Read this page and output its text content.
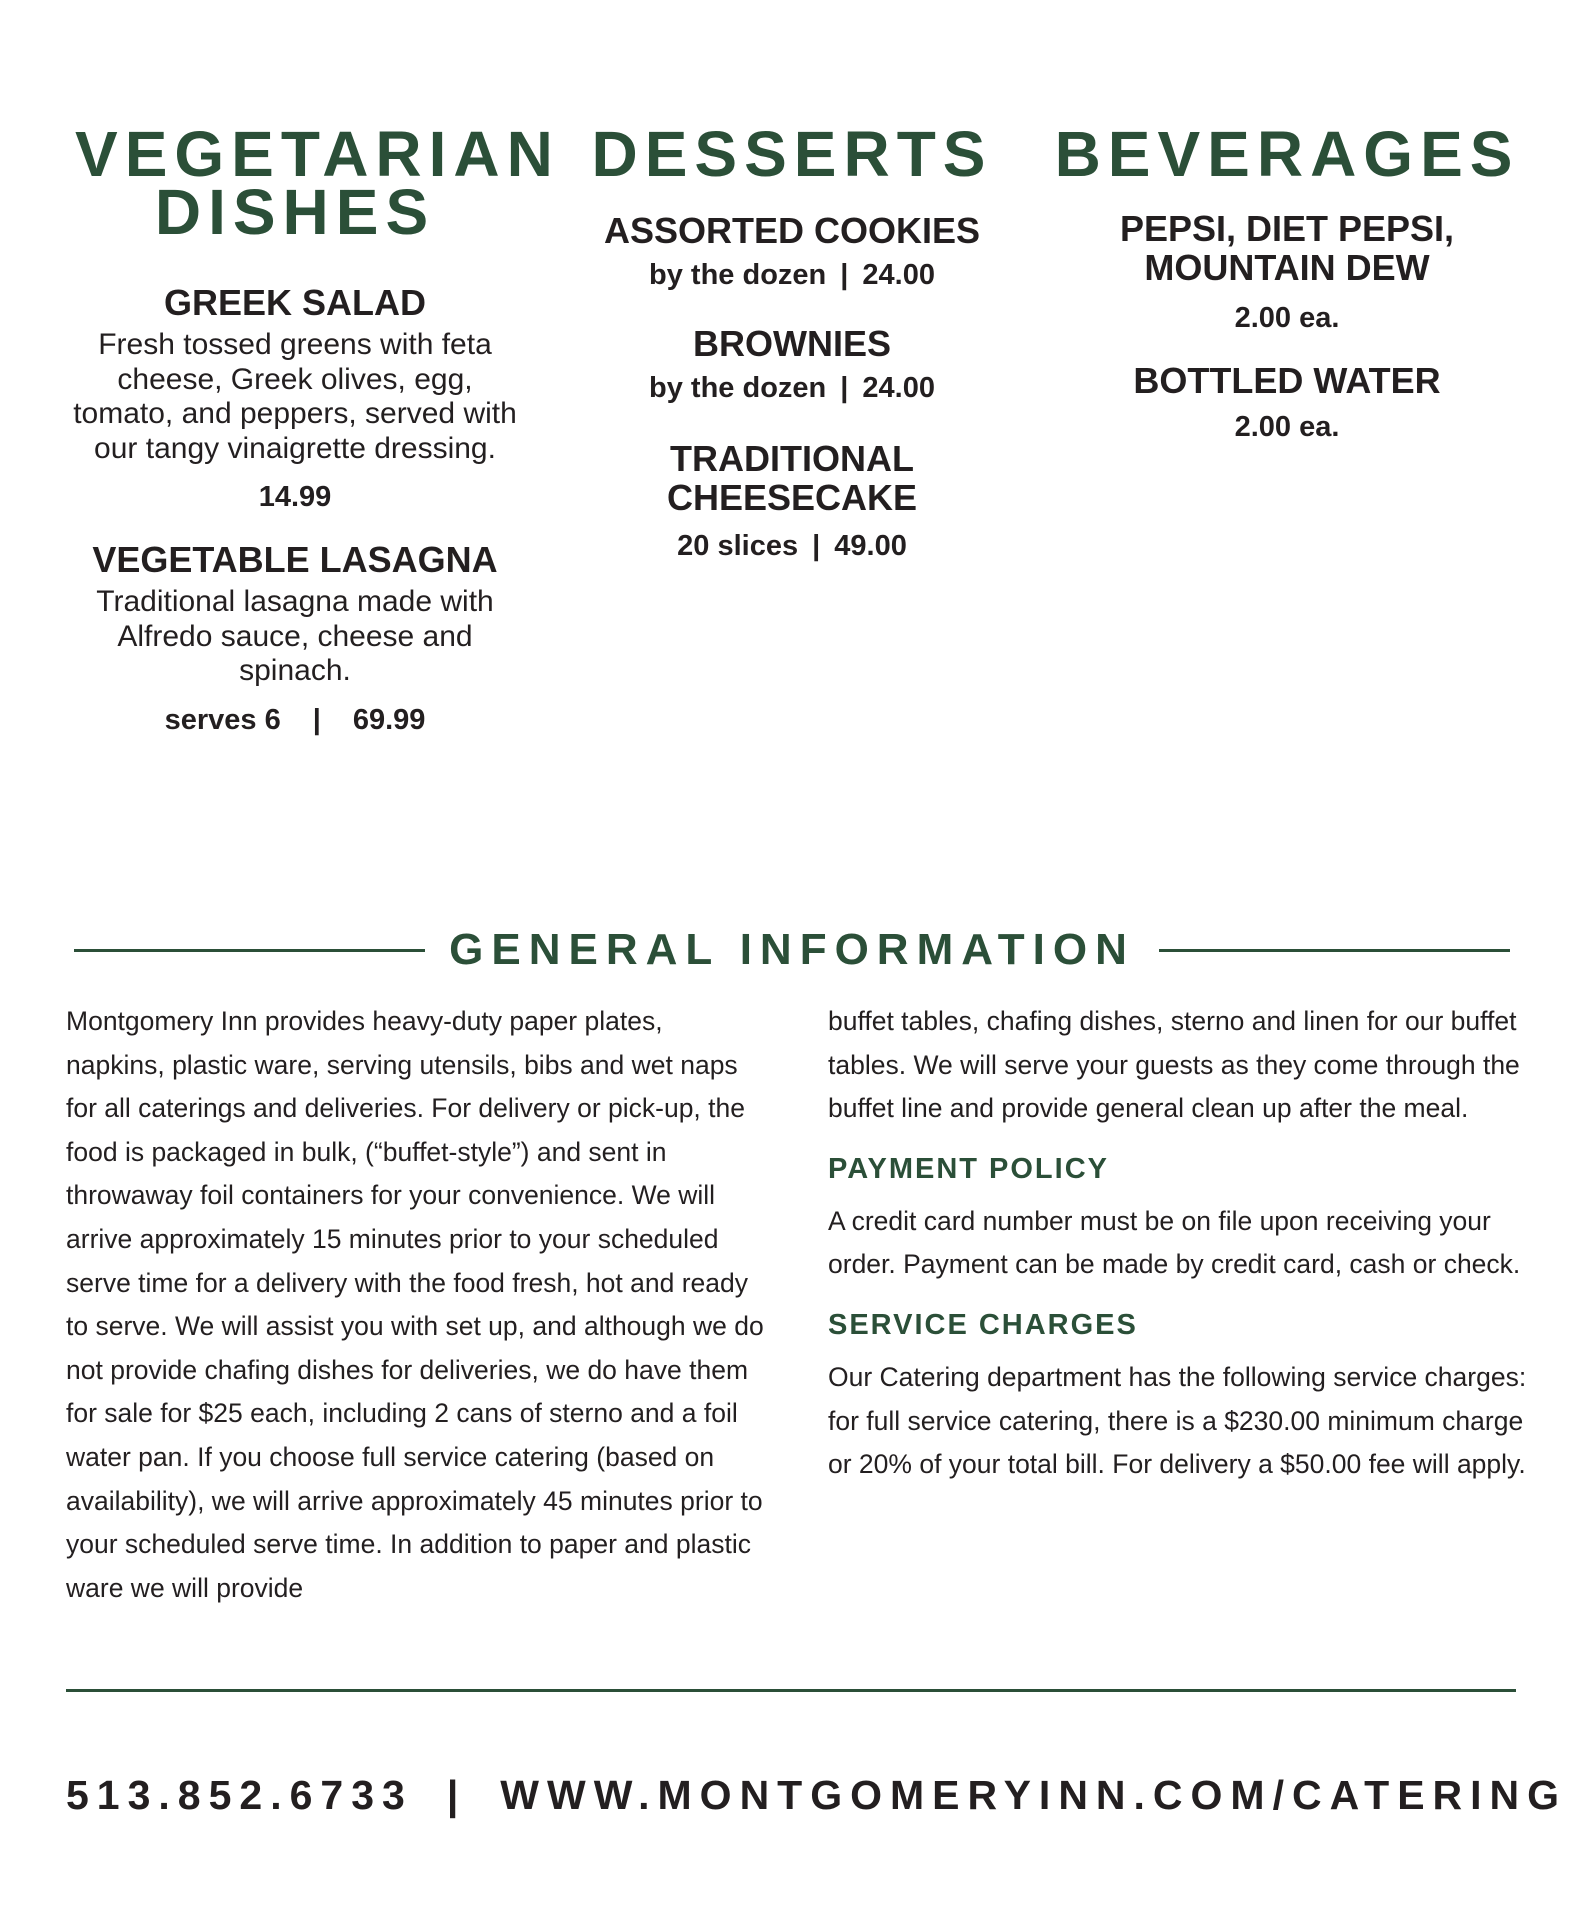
VEGETARIAN DISHES
GREEK SALAD

Fresh tossed greens with feta cheese, Greek olives, egg, tomato, and peppers, served with our tangy vinaigrette dressing.

14.99

VEGETABLE LASAGNA

Traditional lasagna made with Alfredo sauce, cheese and spinach.

serves 6 | 69.99

DESSERTS
ASSORTED COOKIES

by the dozen | 24.00

BROWNIES

by the dozen | 24.00

TRADITIONAL CHEESECAKE

20 slices | 49.00

BEVERAGES
PEPSI, DIET PEPSI, MOUNTAIN DEW

2.00 ea.

BOTTLED WATER

2.00 ea.

GENERAL INFORMATION

Montgomery Inn provides heavy-duty paper plates, napkins, plastic ware, serving utensils, bibs and wet naps for all caterings and deliveries. For delivery or pick-up, the food is packaged in bulk, (“buffet-style”) and sent in throwaway foil containers for your convenience. We will arrive approximately 15 minutes prior to your scheduled serve time for a delivery with the food fresh, hot and ready to serve. We will assist you with set up, and although we do not provide chafing dishes for deliveries, we do have them for sale for $25 each, including 2 cans of sterno and a foil water pan. If you choose full service catering (based on availability), we will arrive approximately 45 minutes prior to your scheduled serve time. In addition to paper and plastic ware we will provide

buffet tables, chafing dishes, sterno and linen for our buffet tables. We will serve your guests as they come through the buffet line and provide general clean up after the meal.

PAYMENT POLICY

A credit card number must be on file upon receiving your order. Payment can be made by credit card, cash or check.

SERVICE CHARGES

Our Catering department has the following service charges: for full service catering, there is a $230.00 minimum charge or 20% of your total bill. For delivery a $50.00 fee will apply.

513.852.6733 | WWW.MONTGOMERYINN.COM/CATERING
